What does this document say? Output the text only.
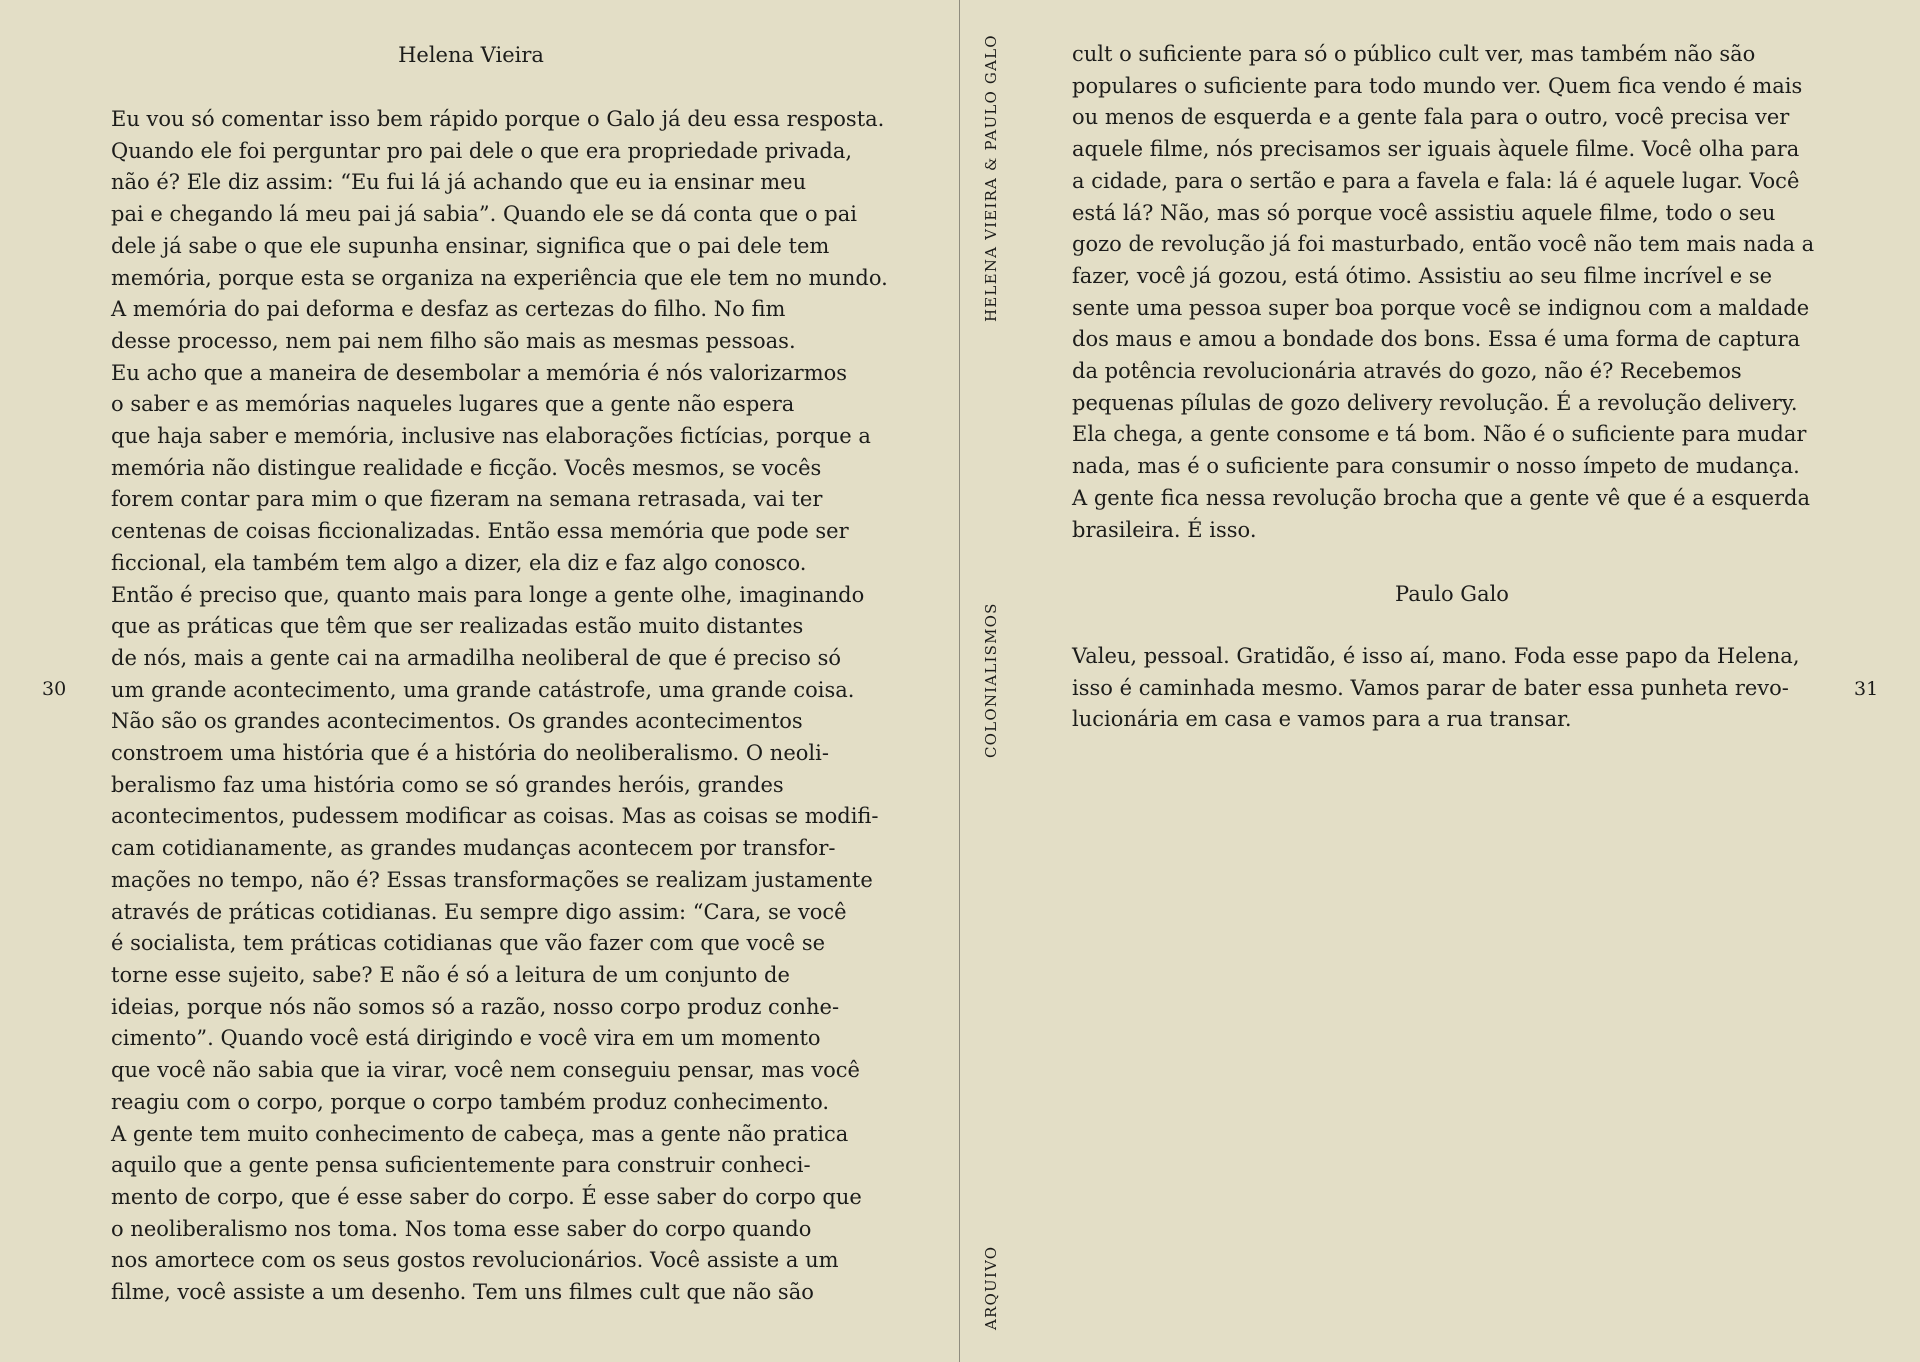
Helena Vieira

Eu vou só comentar isso bem rápido porque o Galo já deu essa resposta.
Quando ele foi perguntar pro pai dele o que era propriedade privada,
não é? Ele diz assim: “Eu fui lá já achando que eu ia ensinar meu
pai e chegando lá meu pai já sabia”. Quando ele se dá conta que o pai
dele já sabe o que ele supunha ensinar, significa que o pai dele tem
memória, porque esta se organiza na experiência que ele tem no mundo.
A memória do pai deforma e desfaz as certezas do filho. No fim
desse processo, nem pai nem filho são mais as mesmas pessoas.
Eu acho que a maneira de desembolar a memória é nós valorizarmos
o saber e as memórias naqueles lugares que a gente não espera
que haja saber e memória, inclusive nas elaborações fictícias, porque a
memória não distingue realidade e ficção. Vocês mesmos, se vocês
forem contar para mim o que fizeram na semana retrasada, vai ter
centenas de coisas ficcionalizadas. Então essa memória que pode ser
ficcional, ela também tem algo a dizer, ela diz e faz algo conosco.
Então é preciso que, quanto mais para longe a gente olhe, imaginando
que as práticas que têm que ser realizadas estão muito distantes
de nós, mais a gente cai na armadilha neoliberal de que é preciso só
um grande acontecimento, uma grande catástrofe, uma grande coisa.
Não são os grandes acontecimentos. Os grandes acontecimentos
constroem uma história que é a história do neoliberalismo. O neoli-
beralismo faz uma história como se só grandes heróis, grandes
acontecimentos, pudessem modificar as coisas. Mas as coisas se modifi-
cam cotidianamente, as grandes mudanças acontecem por transfor-
mações no tempo, não é? Essas transformações se realizam justamente
através de práticas cotidianas. Eu sempre digo assim: “Cara, se você
é socialista, tem práticas cotidianas que vão fazer com que você se
torne esse sujeito, sabe? E não é só a leitura de um conjunto de
ideias, porque nós não somos só a razão, nosso corpo produz conhe-
cimento”. Quando você está dirigindo e você vira em um momento
que você não sabia que ia virar, você nem conseguiu pensar, mas você
reagiu com o corpo, porque o corpo também produz conhecimento.
A gente tem muito conhecimento de cabeça, mas a gente não pratica
aquilo que a gente pensa suficientemente para construir conheci-
mento de corpo, que é esse saber do corpo. É esse saber do corpo que
o neoliberalismo nos toma. Nos toma esse saber do corpo quando
nos amortece com os seus gostos revolucionários. Você assiste a um
filme, você assiste a um desenho. Tem uns filmes cult que não são
30
cult o suficiente para só o público cult ver, mas também não são
populares o suficiente para todo mundo ver. Quem fica vendo é mais
ou menos de esquerda e a gente fala para o outro, você precisa ver
aquele filme, nós precisamos ser iguais àquele filme. Você olha para
a cidade, para o sertão e para a favela e fala: lá é aquele lugar. Você
está lá? Não, mas só porque você assistiu aquele filme, todo o seu
gozo de revolução já foi masturbado, então você não tem mais nada a
fazer, você já gozou, está ótimo. Assistiu ao seu filme incrível e se
sente uma pessoa super boa porque você se indignou com a maldade
dos maus e amou a bondade dos bons. Essa é uma forma de captura
da potência revolucionária através do gozo, não é? Recebemos
pequenas pílulas de gozo delivery revolução. É a revolução delivery.
Ela chega, a gente consome e tá bom. Não é o suficiente para mudar
nada, mas é o suficiente para consumir o nosso ímpeto de mudança.
A gente fica nessa revolução brocha que a gente vê que é a esquerda
brasileira. É isso.

Paulo Galo

Valeu, pessoal. Gratidão, é isso aí, mano. Foda esse papo da Helena,
isso é caminhada mesmo. Vamos parar de bater essa punheta revo-
lucionária em casa e vamos para a rua transar.
31
HELENA VIEIRA & PAULO GALO
COLONIALISMOS
ARQUIVO
